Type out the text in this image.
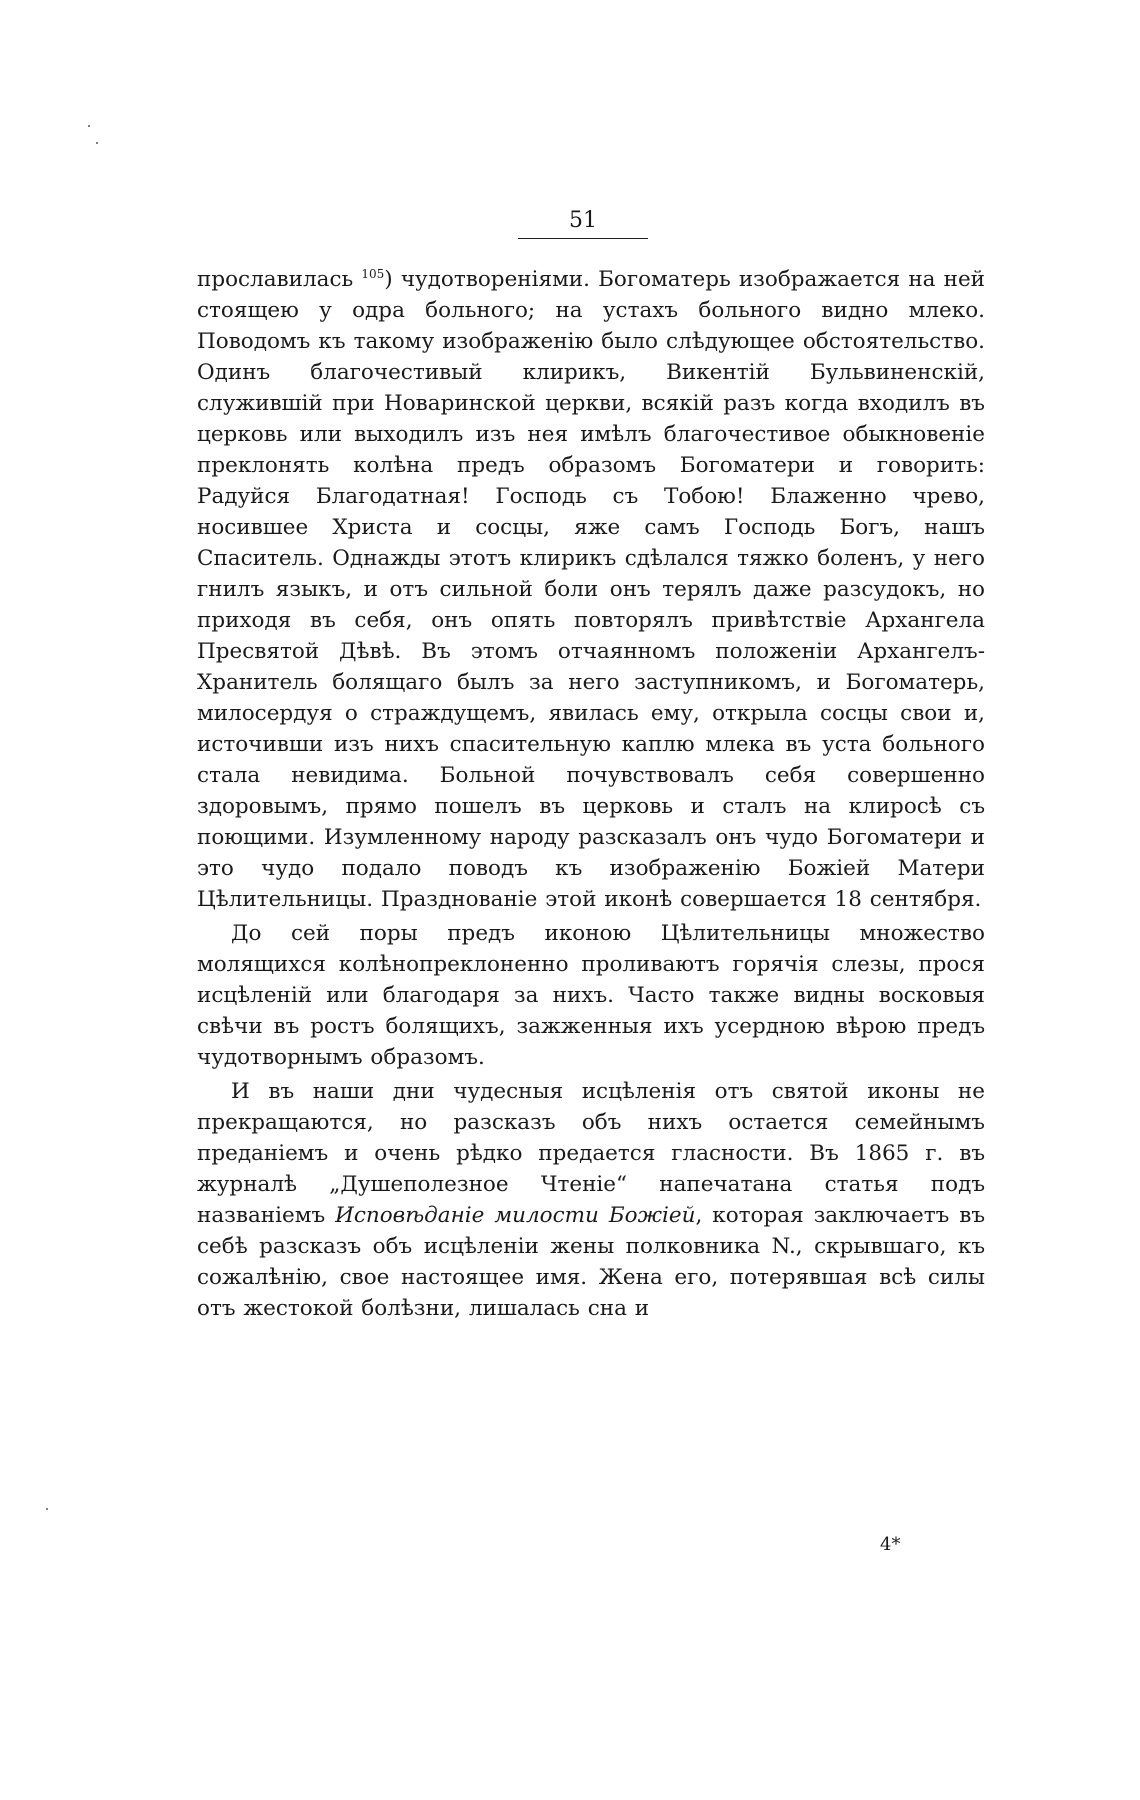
51

прославилась $^{105}$) чудотвореніями. Богоматерь изображается на ней стоящею у одра больного; на устахъ больного видно млеко. Поводомъ къ такому изображенію было слѣдующее обстоятельство. Одинъ благочестивый клирикъ, Викентій Бульвиненскій, служившій при Новаринской церкви, всякій разъ когда входилъ въ церковь или выходилъ изъ нея имѣлъ благочестивое обыкновеніе преклонять колѣна предъ образомъ Богоматери и говорить: Радуйся Благодатная! Господь съ Тобою! Блаженно чрево, носившее Христа и сосцы, яже самъ Господь Богъ, нашъ Спаситель. Однажды этотъ клирикъ сдѣлался тяжко боленъ, у него гнилъ языкъ, и отъ сильной боли онъ терялъ даже разсудокъ, но приходя въ себя, онъ опять повторялъ привѣтствіе Архангела Пресвятой Дѣвѣ. Въ этомъ отчаянномъ положеніи Архангелъ-Хранитель болящаго былъ за него заступникомъ, и Богоматерь, милосердуя о страждущемъ, явилась ему, открыла сосцы свои и, источивши изъ нихъ спасительную каплю млека въ уста больного стала невидима. Больной почувствовалъ себя совершенно здоровымъ, прямо пошелъ въ церковь и сталъ на клиросѣ съ поющими. Изумленному народу разсказалъ онъ чудо Богоматери и это чудо подало поводъ къ изображенію Божіей Матери Цѣлительницы. Празднованіе этой иконѣ совершается 18 сентября.

До сей поры предъ иконою Цѣлительницы множество молящихся колѣнопреклоненно проливаютъ горячія слезы, прося исцѣленій или благодаря за нихъ. Часто также видны восковыя свѣчи въ ростъ болящихъ, зажженныя ихъ усердною вѣрою предъ чудотворнымъ образомъ.

И въ наши дни чудесныя исцѣленія отъ святой иконы не прекращаются, но разсказъ объ нихъ остается семейнымъ преданіемъ и очень рѣдко предается гласности. Въ 1865 г. въ журналѣ „Душеполезное Чтеніе“ напечатана статья подъ названіемъ Исповѣданіе милости Божіей, которая заключаетъ въ себѣ разсказъ объ исцѣленіи жены полковника N., скрывшаго, къ сожалѣнію, свое настоящее имя. Жена его, потерявшая всѣ силы отъ жестокой болѣзни, лишалась сна и

4*
